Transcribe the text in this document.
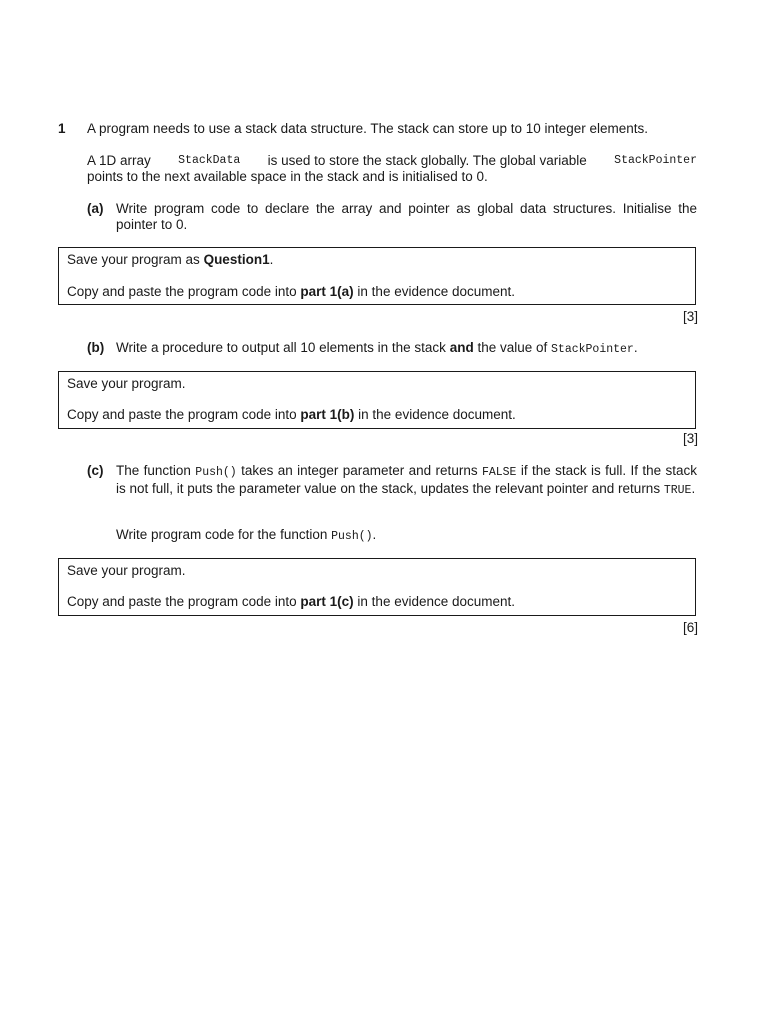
1 A program needs to use a stack data structure. The stack can store up to 10 integer elements.
A 1D array StackData is used to store the stack globally. The global variable StackPointer
points to the next available space in the stack and is initialised to 0.
(a) Write program code to declare the array and pointer as global data structures. Initialise the pointer to 0.

Save your program as Question1.

Copy and paste the program code into part 1(a) in the evidence document.

[3]
(b) Write a procedure to output all 10 elements in the stack and the value of StackPointer.

Save your program.

Copy and paste the program code into part 1(b) in the evidence document.

[3]
(c) The function Push() takes an integer parameter and returns FALSE if the stack is full. If the stack is not full, it puts the parameter value on the stack, updates the relevant pointer and returns TRUE.
Write program code for the function Push().

Save your program.

Copy and paste the program code into part 1(c) in the evidence document.

[6]
